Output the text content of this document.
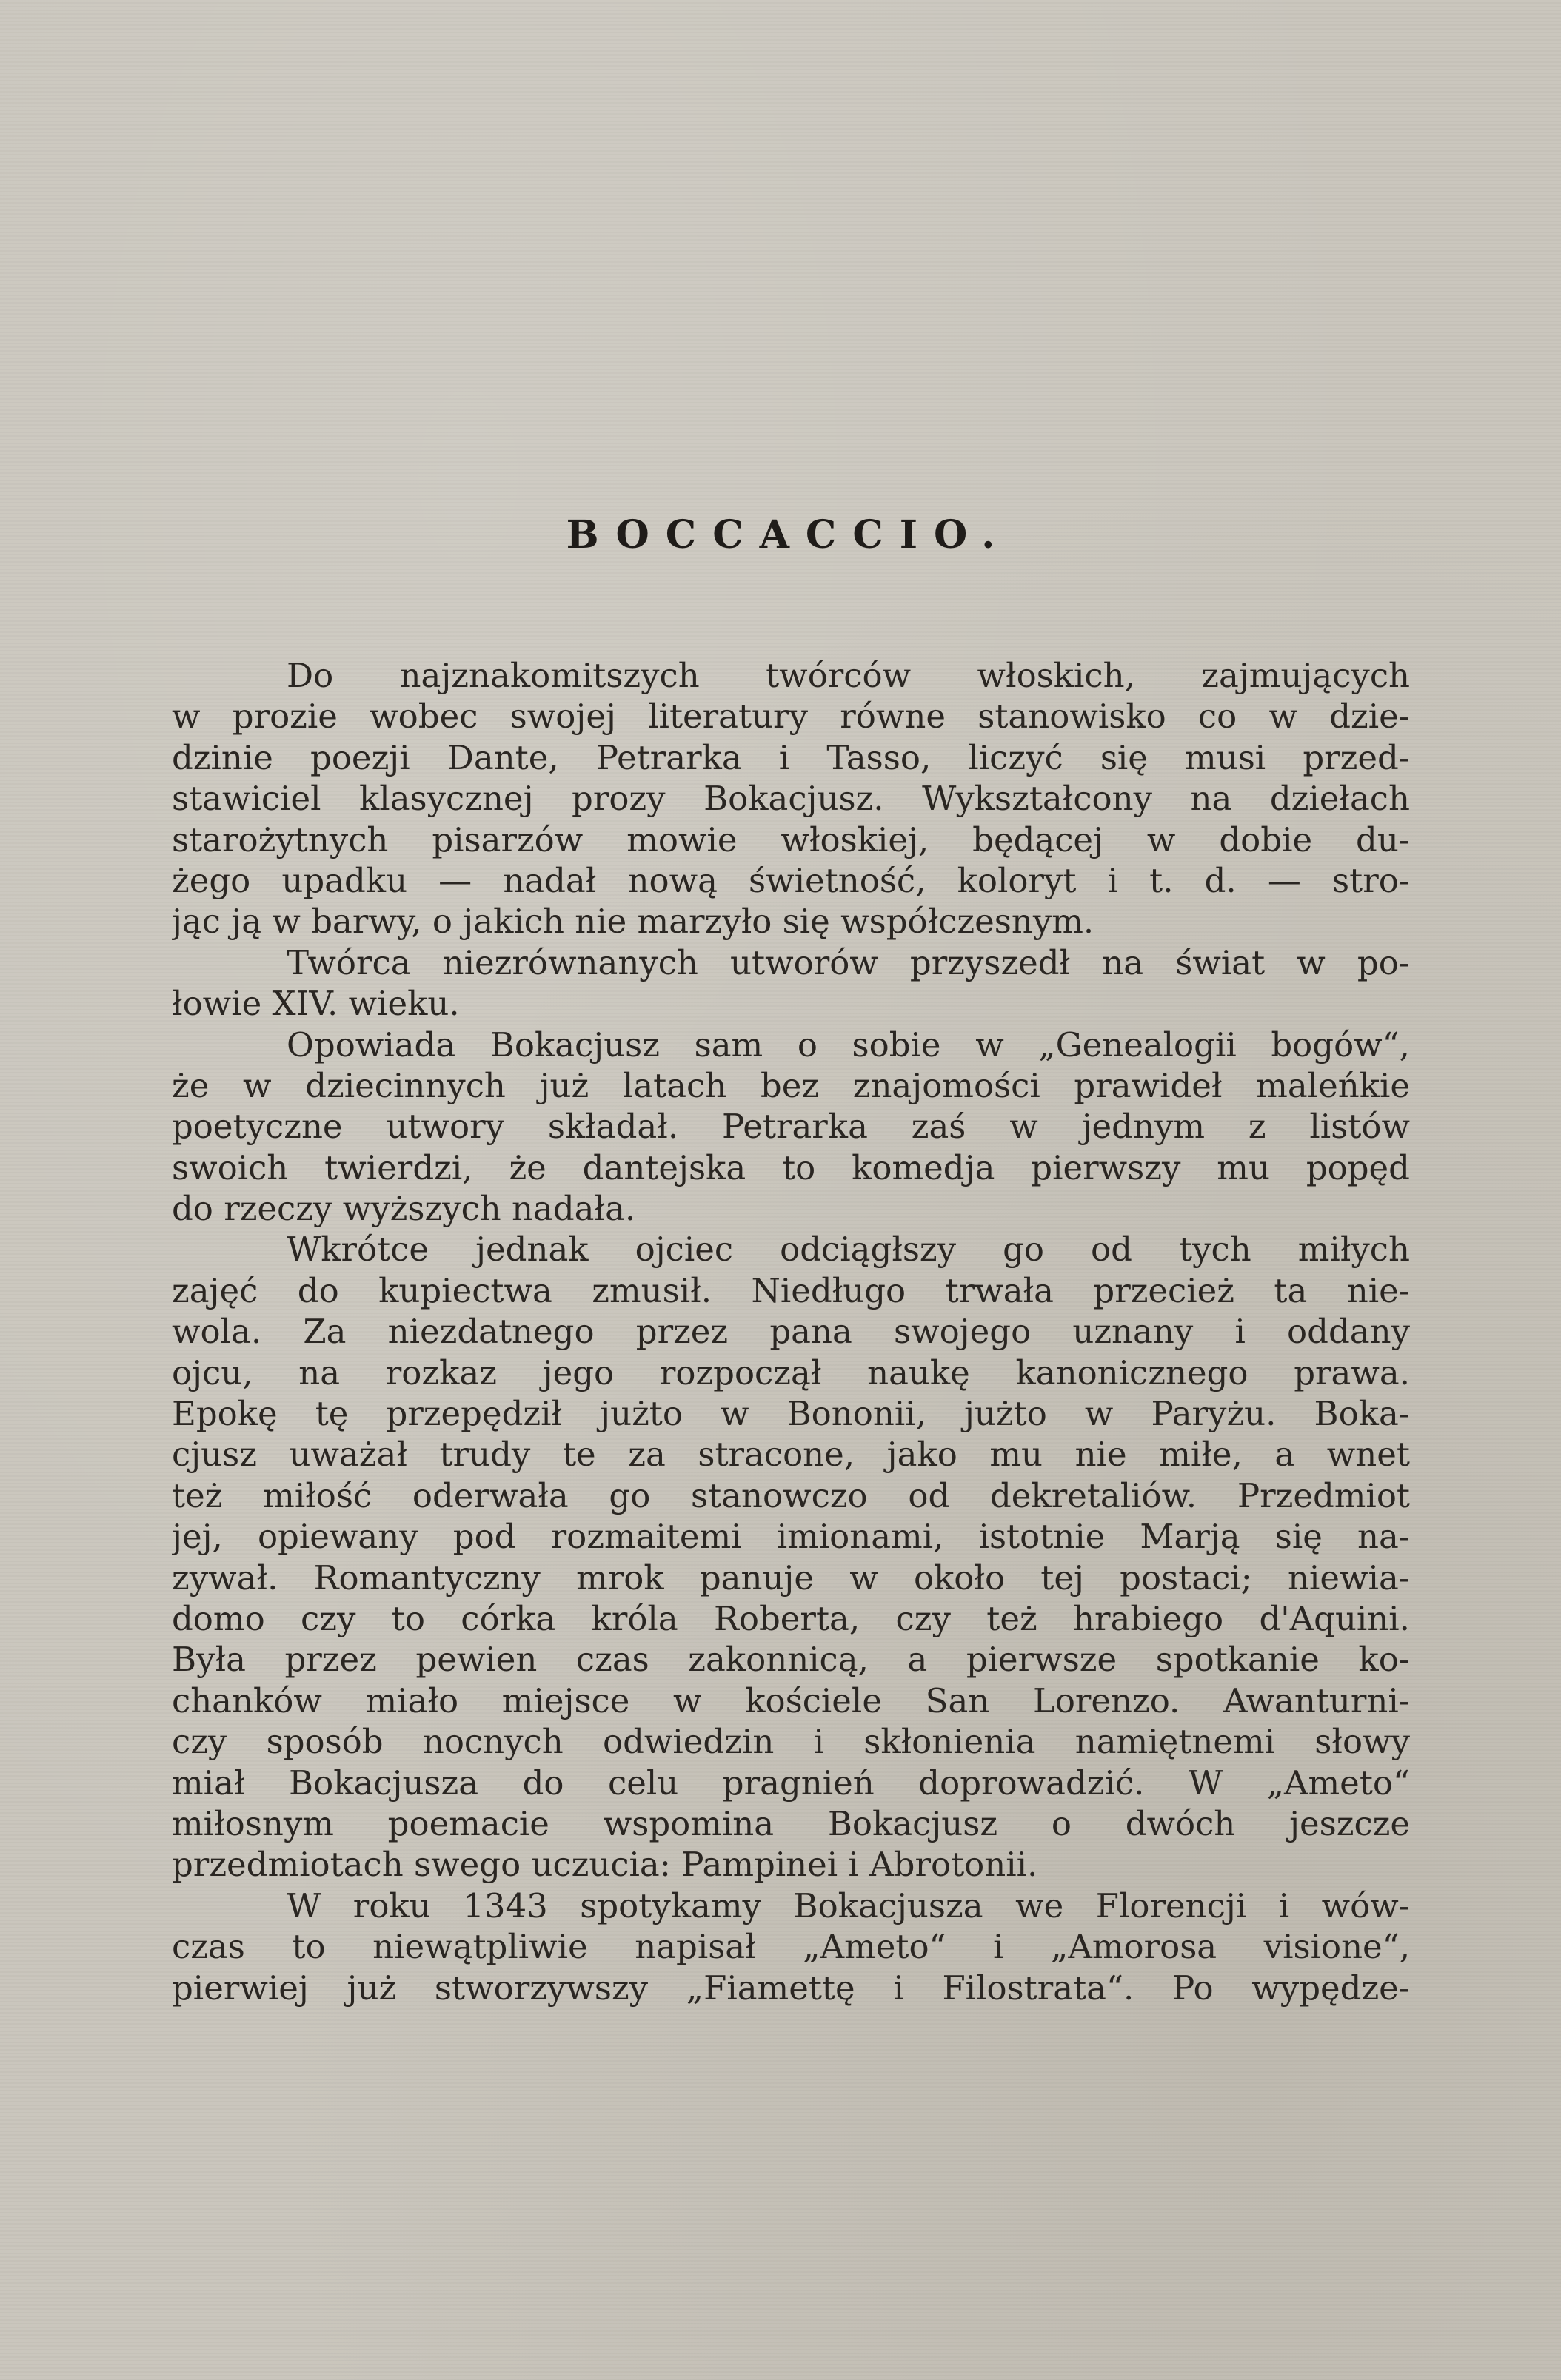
BOCCACCIO.
Do najznakomitszych twórców włoskich, zajmujących
w prozie wobec swojej literatury równe stanowisko co w dzie-
dzinie poezji Dante, Petrarka i Tasso, liczyć się musi przed-
stawiciel klasycznej prozy Bokacjusz. Wykształcony na dziełach
starożytnych pisarzów mowie włoskiej, będącej w dobie du-
żego upadku — nadał nową świetność, koloryt i t. d. — stro-
jąc ją w barwy, o jakich nie marzyło się współczesnym.
Twórca niezrównanych utworów przyszedł na świat w po-
łowie XIV. wieku.
Opowiada Bokacjusz sam o sobie w „Genealogii bogów“,
że w dziecinnych już latach bez znajomości prawideł maleńkie
poetyczne utwory składał. Petrarka zaś w jednym z listów
swoich twierdzi, że dantejska to komedja pierwszy mu popęd
do rzeczy wyższych nadała.
Wkrótce jednak ojciec odciągłszy go od tych miłych
zajęć do kupiectwa zmusił. Niedługo trwała przecież ta nie-
wola. Za niezdatnego przez pana swojego uznany i oddany
ojcu, na rozkaz jego rozpoczął naukę kanonicznego prawa.
Epokę tę przepędził jużto w Bononii, jużto w Paryżu. Boka-
cjusz uważał trudy te za stracone, jako mu nie miłe, a wnet
też miłość oderwała go stanowczo od dekretaliów. Przedmiot
jej, opiewany pod rozmaitemi imionami, istotnie Marją się na-
zywał. Romantyczny mrok panuje w około tej postaci; niewia-
domo czy to córka króla Roberta, czy też hrabiego d'Aquini.
Była przez pewien czas zakonnicą, a pierwsze spotkanie ko-
chanków miało miejsce w kościele San Lorenzo. Awanturni-
czy sposób nocnych odwiedzin i skłonienia namiętnemi słowy
miał Bokacjusza do celu pragnień doprowadzić. W „Ameto“
miłosnym poemacie wspomina Bokacjusz o dwóch jeszcze
przedmiotach swego uczucia: Pampinei i Abrotonii.
W roku 1343 spotykamy Bokacjusza we Florencji i wów-
czas to niewątpliwie napisał „Ameto“ i „Amorosa visione“,
pierwiej już stworzywszy „Fiamettę i Filostrata“. Po wypędze-
